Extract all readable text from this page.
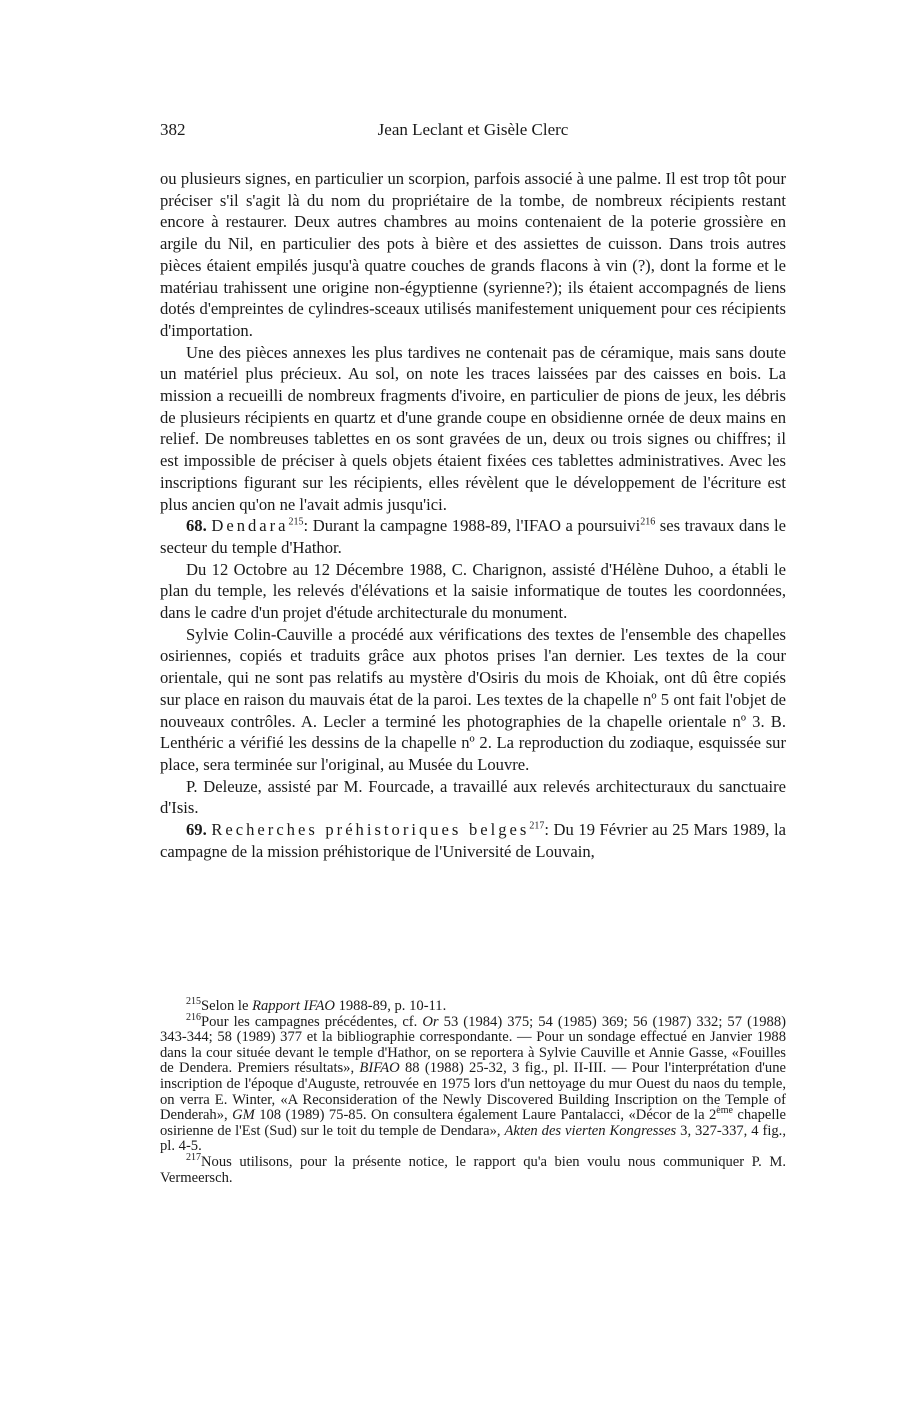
382	Jean Leclant et Gisèle Clerc

ou plusieurs signes, en particulier un scorpion, parfois associé à une palme. Il est trop tôt pour préciser s'il s'agit là du nom du propriétaire de la tombe, de nombreux récipients restant encore à restaurer. Deux autres chambres au moins contenaient de la poterie grossière en argile du Nil, en particulier des pots à bière et des assiettes de cuisson. Dans trois autres pièces étaient empilés jusqu'à quatre couches de grands flacons à vin (?), dont la forme et le matériau trahissent une origine non-égyptienne (syrienne?); ils étaient accompagnés de liens dotés d'empreintes de cylindres-sceaux utilisés manifestement uniquement pour ces récipients d'importation.

Une des pièces annexes les plus tardives ne contenait pas de céramique, mais sans doute un matériel plus précieux. Au sol, on note les traces laissées par des caisses en bois. La mission a recueilli de nombreux fragments d'ivoire, en particulier de pions de jeux, les débris de plusieurs récipients en quartz et d'une grande coupe en obsidienne ornée de deux mains en relief. De nombreuses tablettes en os sont gravées de un, deux ou trois signes ou chiffres; il est impossible de préciser à quels objets étaient fixées ces tablettes administratives. Avec les inscriptions figurant sur les récipients, elles révèlent que le développement de l'écriture est plus ancien qu'on ne l'avait admis jusqu'ici.

68. Dendara$^{215}$: Durant la campagne 1988-89, l'IFAO a poursuivi$^{216}$ ses travaux dans le secteur du temple d'Hathor.

Du 12 Octobre au 12 Décembre 1988, C. Charignon, assisté d'Hélène Duhoo, a établi le plan du temple, les relevés d'élévations et la saisie informatique de toutes les coordonnées, dans le cadre d'un projet d'étude architecturale du monument.

Sylvie Colin-Cauville a procédé aux vérifications des textes de l'ensemble des chapelles osiriennes, copiés et traduits grâce aux photos prises l'an dernier. Les textes de la cour orientale, qui ne sont pas relatifs au mystère d'Osiris du mois de Khoiak, ont dû être copiés sur place en raison du mauvais état de la paroi. Les textes de la chapelle nº 5 ont fait l'objet de nouveaux contrôles. A. Lecler a terminé les photographies de la chapelle orientale nº 3. B. Lenthéric a vérifié les dessins de la chapelle nº 2. La reproduction du zodiaque, esquissée sur place, sera terminée sur l'original, au Musée du Louvre.

P. Deleuze, assisté par M. Fourcade, a travaillé aux relevés architecturaux du sanctuaire d'Isis.

69. Recherches préhistoriques belges$^{217}$: Du 19 Février au 25 Mars 1989, la campagne de la mission préhistorique de l'Université de Louvain,

$^{215}$Selon le Rapport IFAO 1988-89, p. 10-11.

$^{216}$Pour les campagnes précédentes, cf. Or 53 (1984) 375; 54 (1985) 369; 56 (1987) 332; 57 (1988) 343-344; 58 (1989) 377 et la bibliographie correspondante. — Pour un sondage effectué en Janvier 1988 dans la cour située devant le temple d'Hathor, on se reportera à Sylvie Cauville et Annie Gasse, «Fouilles de Dendera. Premiers résultats», BIFAO 88 (1988) 25-32, 3 fig., pl. II-III. — Pour l'interprétation d'une inscription de l'époque d'Auguste, retrouvée en 1975 lors d'un nettoyage du mur Ouest du naos du temple, on verra E. Winter, «A Reconsideration of the Newly Discovered Building Inscription on the Temple of Denderah», GM 108 (1989) 75-85. On consultera également Laure Pantalacci, «Décor de la 2ème chapelle osirienne de l'Est (Sud) sur le toit du temple de Dendara», Akten des vierten Kongresses 3, 327-337, 4 fig., pl. 4-5.

$^{217}$Nous utilisons, pour la présente notice, le rapport qu'a bien voulu nous communiquer P. M. Vermeersch.
